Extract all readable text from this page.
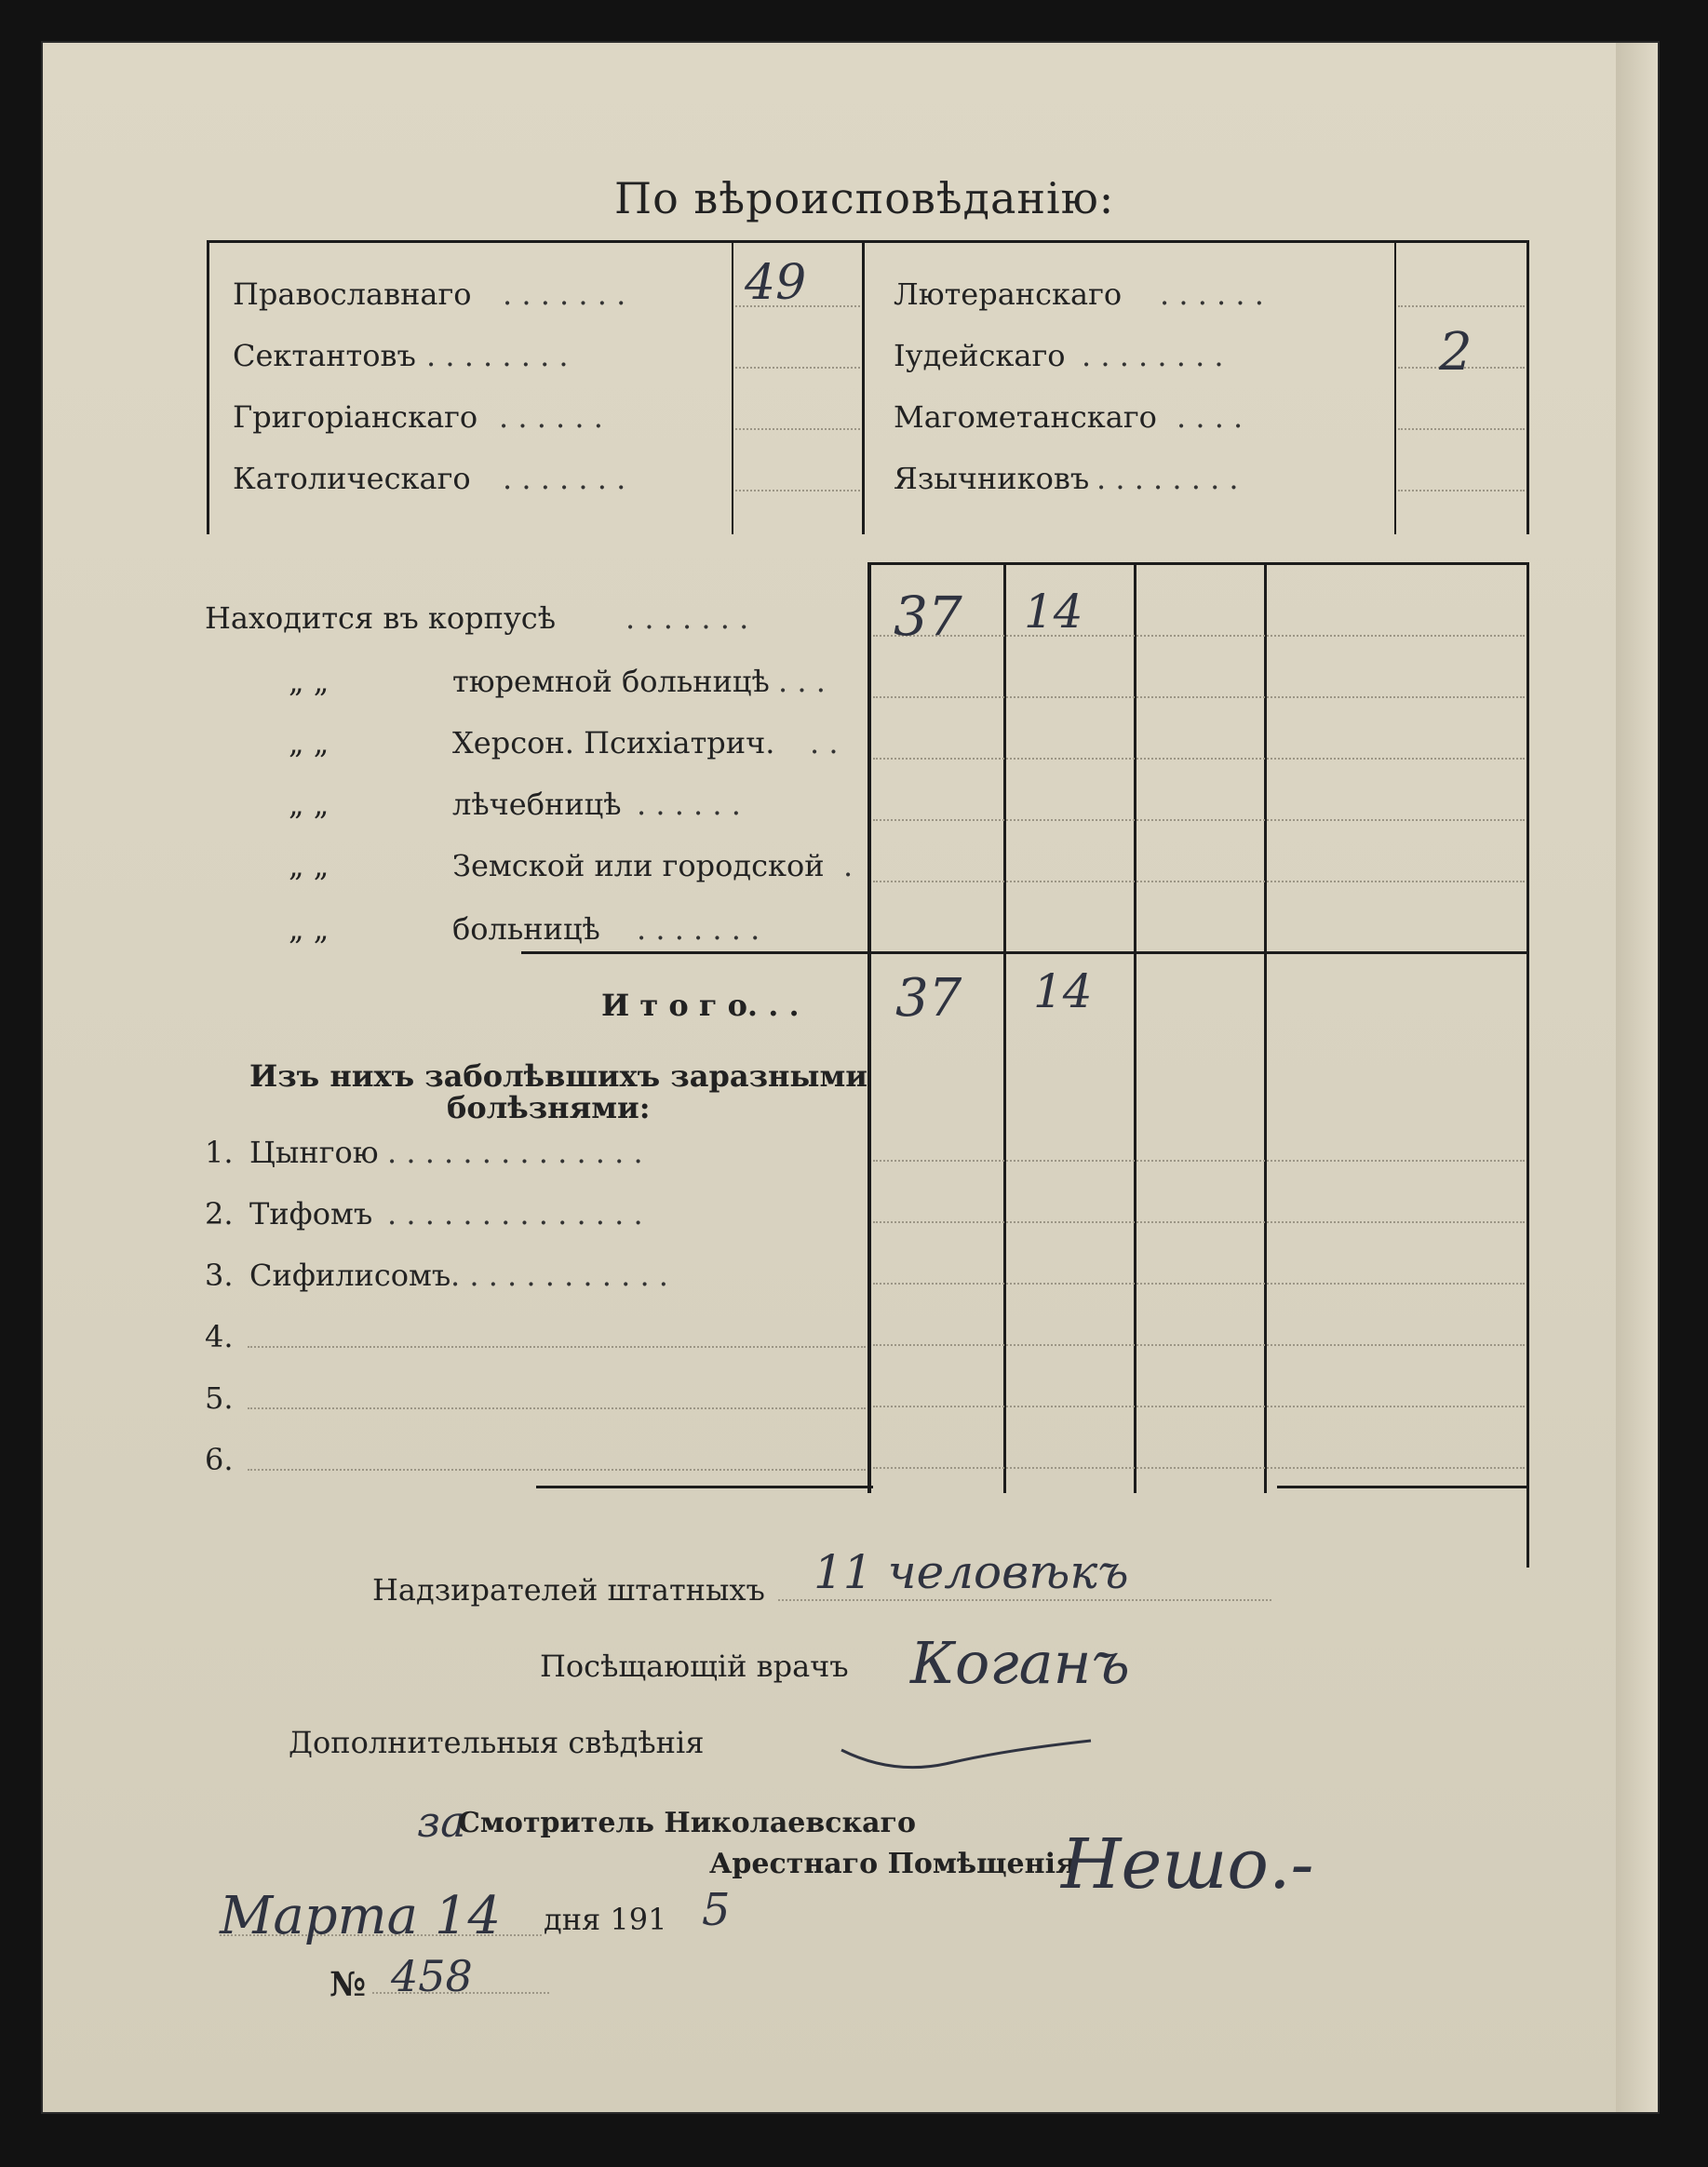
По вѣроисповѣданію:
Православнаго . . . . . . . 49
Сектантовъ . . . . . . . .
Григоріанскаго . . . . . .
Католическаго . . . . . . .
Лютеранскаго . . . . . .
Іудейскаго . . . . . . . .	2
Магометанскаго . . . .
Язычниковъ . . . . . . . .
Находится въ корпусѣ . . . . . . .	37 14
„ „	тюремной больницѣ . . .
„ „	Херсон. Псиxіатрич. . .
„ „	лѣчебницѣ . . . . . .
„ „	Земской или городской .
„ „	больницѣ . . . . . . .
И т о г о. . . 37 14
Изъ нихъ заболѣвшихъ заразными
болѣзнями:
1. Цынгою . . . . . . . . . . . . . .
2. Тифомъ . . . . . . . . . . . . . .
3. Сифилисомъ . . . . . . . . . . . .
4.
5.
6.
Надзирателей штатныхъ 11 человѣкъ
Посѣщающій врачъ Коганъ
Дополнительныя свѣдѣнія
за
Смотритель Николаевскаго
Арестнаго Помѣщенія
Нешо.-
Марта 14 дня 191 5
№ 458
